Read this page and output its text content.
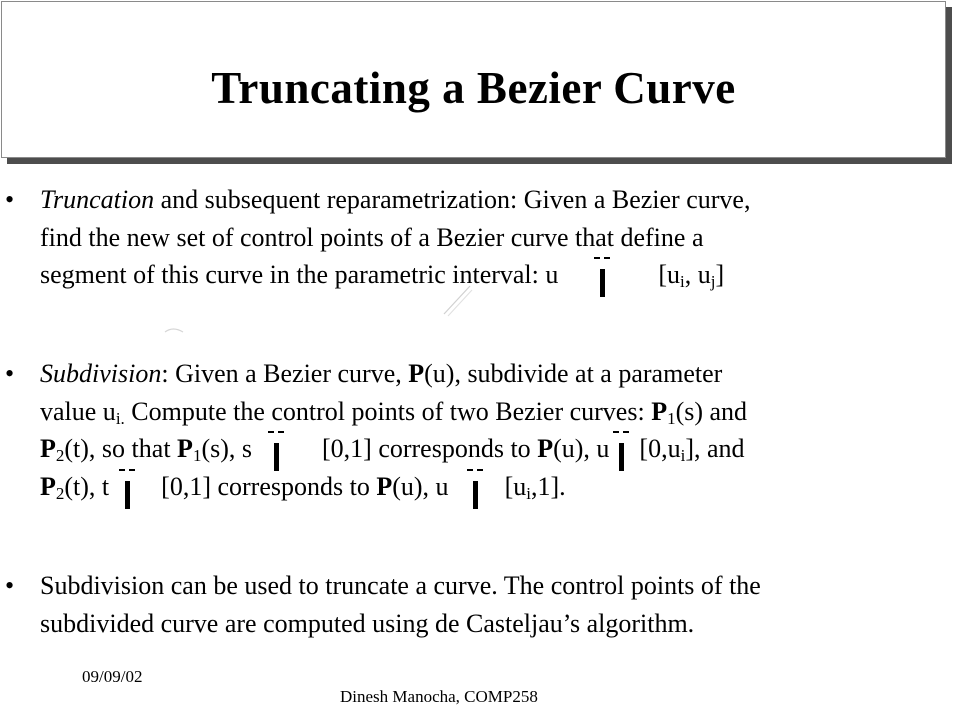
Truncating a Bezier Curve
• Truncation and subsequent reparametrization: Given a Bezier curve,
find the new set of control points of a Bezier curve that define a
segment of this curve in the parametric interval: u	[$u_i$, $u_j$]
• Subdivision: Given a Bezier curve, P(u), subdivide at a parameter
value $u_{i.}$ Compute the control points of two Bezier curves: $P_1(s)$ and
$P_2(t)$, so that $P_1(s)$, s	[0,1] corresponds to P(u), u $[0,u_i]$, and
$P_2(t)$, t [0,1] corresponds to P(u), u $[u_i,1]$.
• Subdivision can be used to truncate a curve. The control points of the
subdivided curve are computed using de Casteljau’s algorithm.
09/09/02
Dinesh Manocha, COMP258
